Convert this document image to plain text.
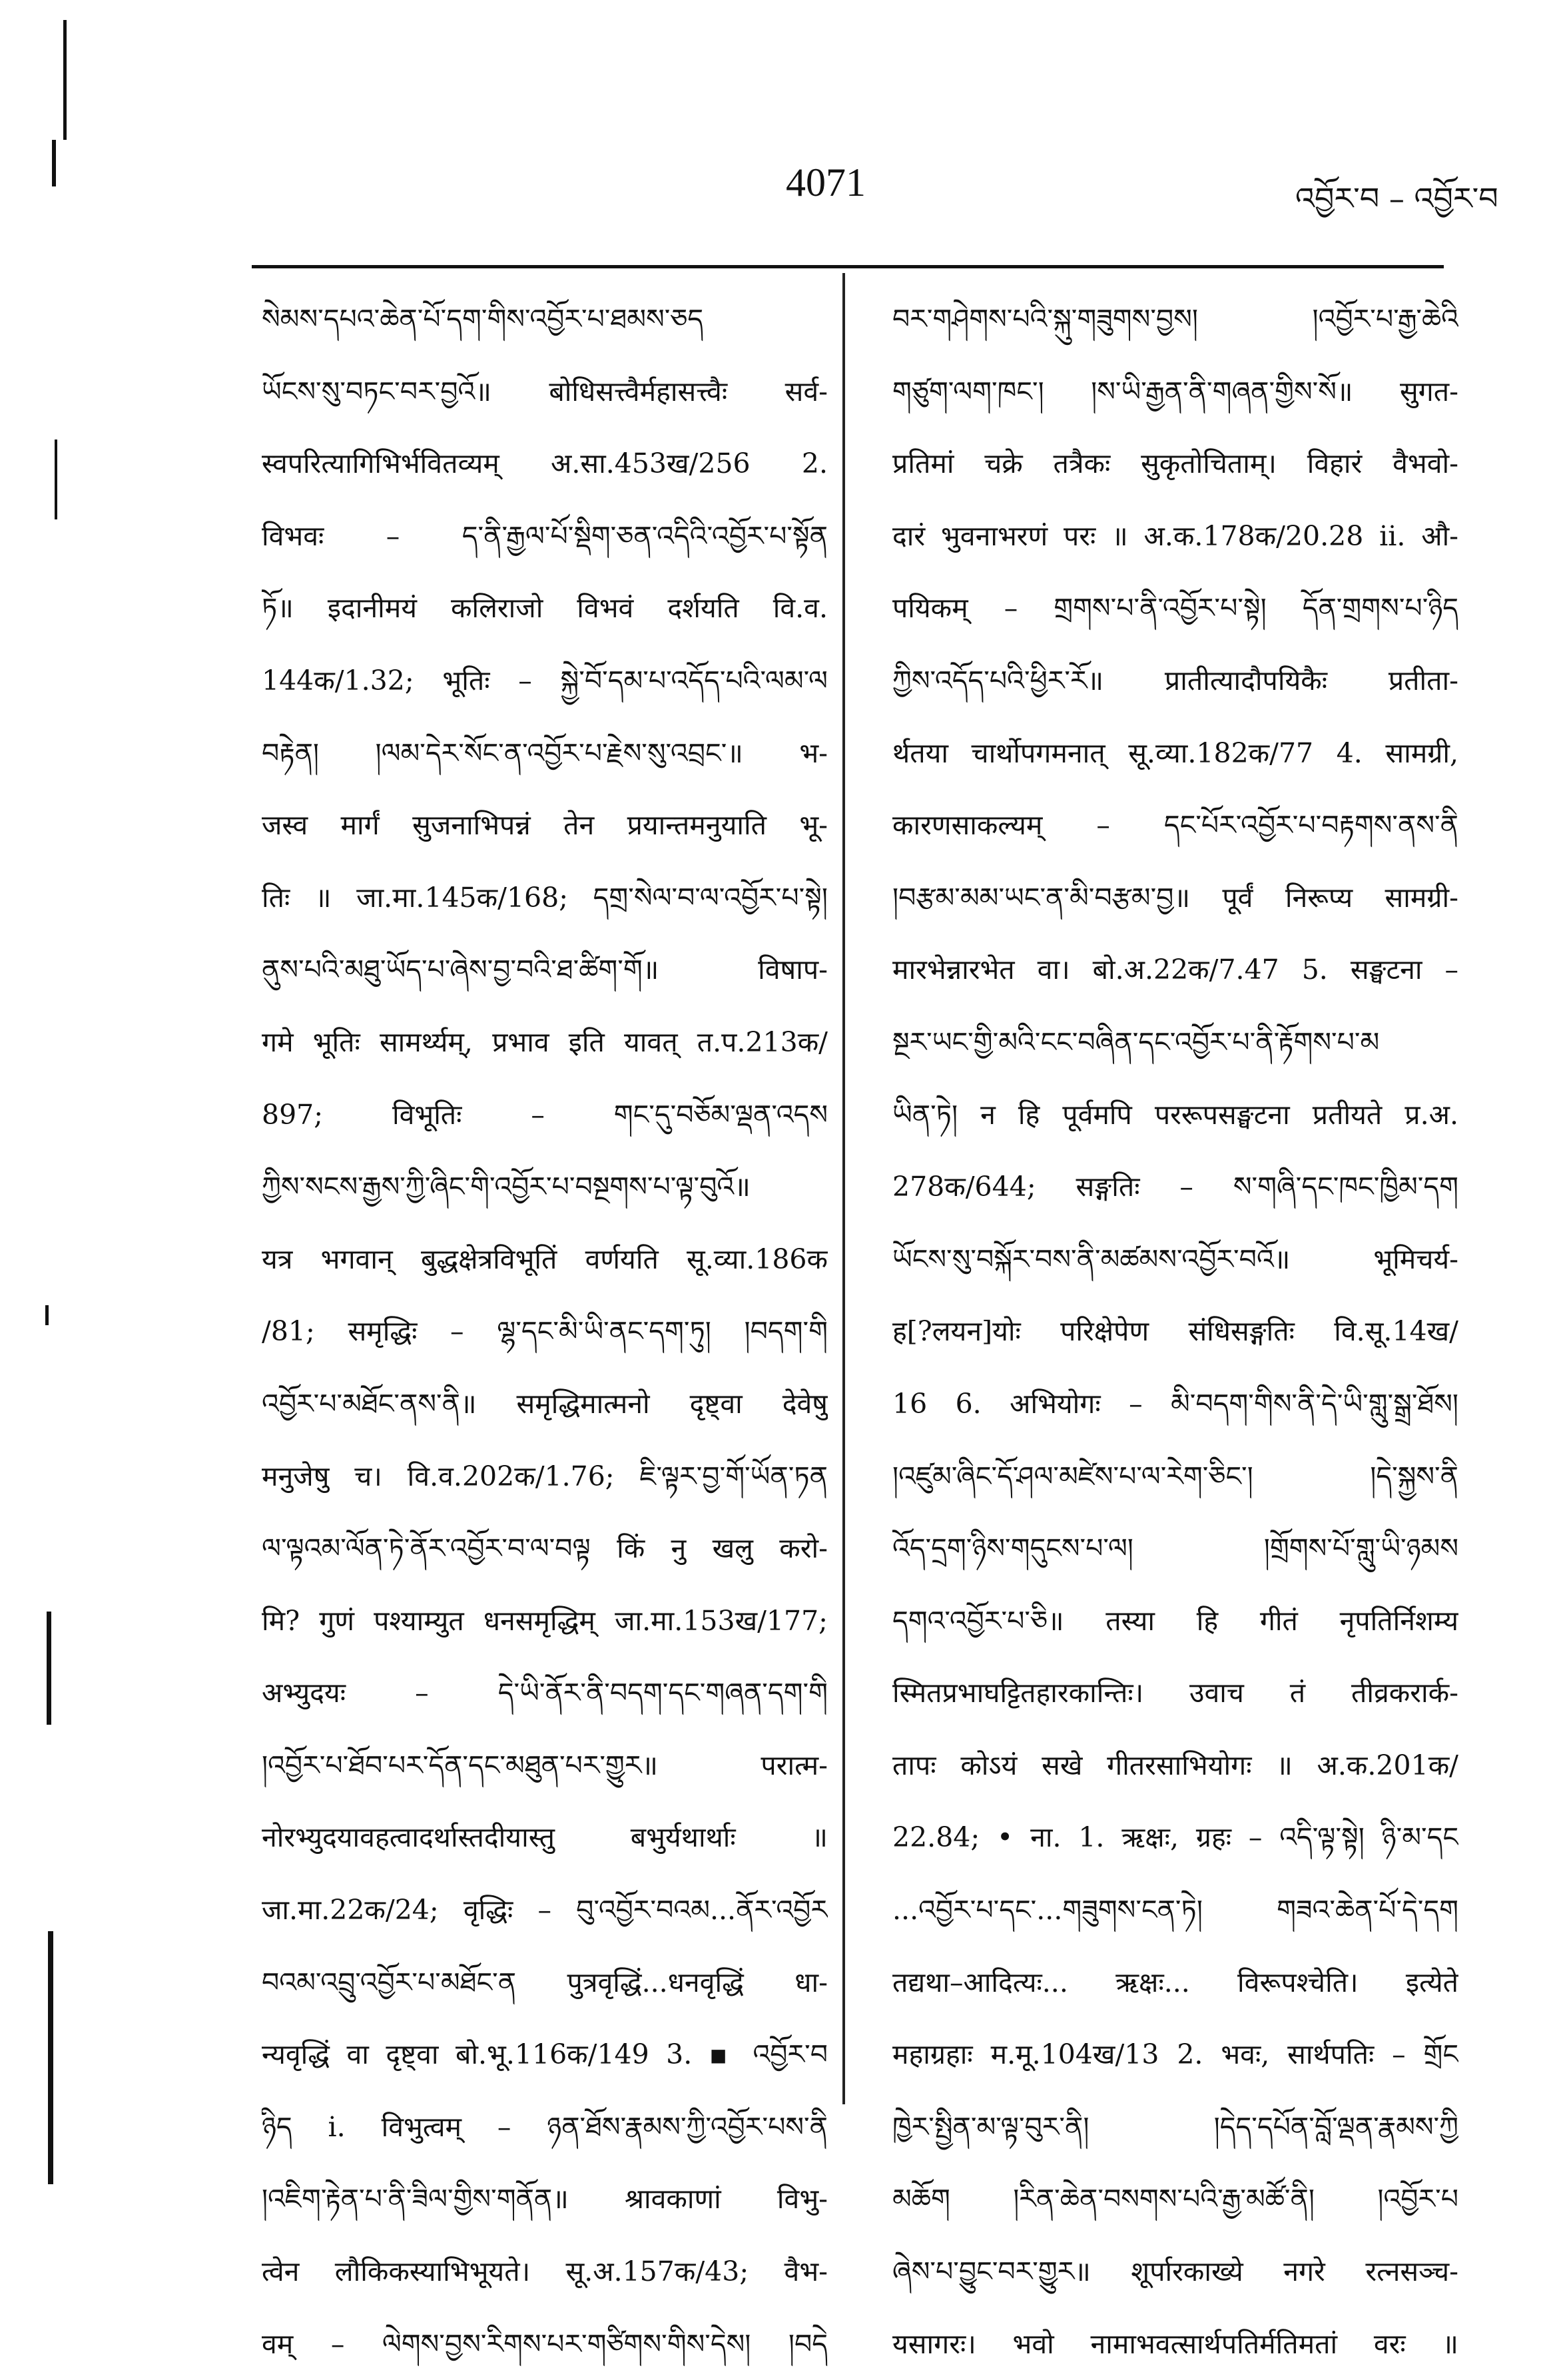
4071	འབྱོར་བ – འབྱོར་བ
སེམས་དཔའ་ཆེན་པོ་དག་གིས་འབྱོར་པ་ཐམས་ཅད
ཡོངས་སུ་བཏང་བར་བྱའོ॥ बोधिसत्त्वैर्महासत्त्वैः सर्व-
स्वपरित्यागिभिर्भवितव्यम् अ.सा.453ख/256 2.
विभवः – ད་ནི་རྒྱལ་པོ་སྡིག་ཅན་འདིའི་འབྱོར་པ་སྟོན
ཏོ॥ इदानीमयं कलिराजो विभवं दर्शयति वि.व.
144क/1.32; भूतिः – སྐྱེ་བོ་དམ་པ་འདོད་པའི་ལམ་ལ
བརྟེན། །ལམ་དེར་སོང་ན་འབྱོར་པ་རྗེས་སུ་འབྲང་॥ भ-
जस्व मार्गं सुजनाभिपन्नं तेन प्रयान्तमनुयाति भू-
तिः ॥ जा.मा.145क/168; དགྲ་སེལ་བ་ལ་འབྱོར་པ་སྟེ།
ནུས་པའི་མཐུ་ཡོད་པ་ཞེས་བྱ་བའི་ཐ་ཚིག་གོ॥ विषाप-
गमे भूतिः सामर्थ्यम्, प्रभाव इति यावत् त.प.213क/
897; विभूतिः – གང་དུ་བཅོམ་ལྡན་འདས
ཀྱིས་སངས་རྒྱས་ཀྱི་ཞིང་གི་འབྱོར་པ་བསྔགས་པ་ལྟ་བུའོ॥
यत्र भगवान् बुद्धक्षेत्रविभूतिं वर्णयति सू.व्या.186क
/81; समृद्धिः – ལྷ་དང་མི་ཡི་ནང་དག་ཏུ། །བདག་གི
འབྱོར་པ་མཐོང་ནས་ནི॥ समृद्धिमात्मनो दृष्ट्वा देवेषु
मनुजेषु च। वि.व.202क/1.76; ཇི་ལྟར་བྱ་གོ་ཡོན་ཏན
ལ་ལྟའམ་ལོན་ཏེ་ནོར་འབྱོར་བ་ལ་བལྟ किं नु खलु करो-
मि? गुणं पश्याम्युत धनसमृद्धिम् जा.मा.153ख/177;
अभ्युदयः – དེ་ཡི་ནོར་ནི་བདག་དང་གཞན་དག་གི
།འབྱོར་པ་ཐོབ་པར་དོན་དང་མཐུན་པར་གྱུར॥ परात्म-
नोरभ्युदयावहत्वादर्थास्तदीयास्तु बभुर्यथार्थाः ॥
जा.मा.22क/24; वृद्धिः – བུ་འབྱོར་བའམ...ནོར་འབྱོར
བའམ་འབྲུ་འབྱོར་པ་མཐོང་ན पुत्रवृद्धिं...धनवृद्धिं धा-
न्यवृद्धिं वा दृष्ट्वा बो.भू.116क/149 3. ▪ འབྱོར་བ
ཉིད i. विभुत्वम् – ཉན་ཐོས་རྣམས་ཀྱི་འབྱོར་པས་ནི
།འཇིག་རྟེན་པ་ནི་ཟིལ་གྱིས་གནོན॥ श्रावकाणां विभु-
त्वेन लौकिकस्याभिभूयते। सू.अ.157क/43; वैभ-
वम् – ལེགས་བྱས་རིགས་པར་གཙིགས་གིས་དེས། །བདེ
བར་གཤེགས་པའི་སྐུ་གཟུགས་བྱས། །འབྱོར་པ་རྒྱ་ཆེའི
གཙུག་ལག་ཁང་། །ས་ཡི་རྒྱན་ནི་གཞན་གྱིས་སོ॥ सुगत-
प्रतिमां चक्रे तत्रैकः सुकृतोचिताम्। विहारं वैभवो-
दारं भुवनाभरणं परः ॥ अ.क.178क/20.28 ii. औ-
पयिकम् – གྲགས་པ་ནི་འབྱོར་པ་སྟེ། དོན་གྲགས་པ་ཉིད
ཀྱིས་འདོད་པའི་ཕྱིར་རོ॥ प्रातीत्यादौपयिकैः प्रतीता-
र्थतया चार्थोपगमनात् सू.व्या.182क/77 4. सामग्री,
कारणसाकल्यम् – དང་པོར་འབྱོར་པ་བརྟགས་ནས་ནི
།བརྩམ་མམ་ཡང་ན་མི་བརྩམ་བྱ॥ पूर्वं निरूप्य सामग्री-
मारभेन्नारभेत वा। बो.अ.22क/7.47 5. सङ्घटना –
སྔར་ཡང་གྱི་མའི་ངང་བཞིན་དང་འབྱོར་པ་ནི་རྟོགས་པ་མ
ཡིན་ཏེ། न हि पूर्वमपि पररूपसङ्घटना प्रतीयते प्र.अ.
278क/644; सङ्गतिः – ས་གཞི་དང་ཁང་ཁྱིམ་དག
ཡོངས་སུ་བསྐོར་བས་ནི་མཚམས་འབྱོར་བའོ॥ भूमिचर्य-
ह[?लयन]योः परिक्षेपेण संधिसङ्गतिः वि.सू.14ख/
16 6. अभियोगः – མི་བདག་གིས་ནི་དེ་ཡི་གླུ་སྒྲ་ཐོས།
།འཛུམ་ཞིང་དོ་ཤལ་མཛེས་པ་ལ་རེག་ཅིང་། །དེ་སྐྱས་ནི
འོད་དྲག་ཉིས་གདུངས་པ་ལ། །གྲོགས་པོ་གླུ་ཡི་ཉམས
དགའ་འབྱོར་པ་ཅི॥ तस्या हि गीतं नृपतिर्निशम्य
स्मितप्रभाघट्टितहारकान्तिः। उवाच तं तीव्रकरार्क-
तापः कोऽयं सखे गीतरसाभियोगः ॥ अ.क.201क/
22.84; • ना. 1. ऋक्षः, ग्रहः – འདི་ལྟ་སྟེ། ཉི་མ་དང
...འབྱོར་པ་དང་...གཟུགས་ངན་ཏེ། གཟའ་ཆེན་པོ་དེ་དག
तद्यथा–आदित्यः... ऋक्षः... विरूपश्चेति। इत्येते
महाग्रहाः म.मू.104ख/13 2. भवः, सार्थपतिः – གྲོང
ཁྱེར་སྤྱིན་མ་ལྟ་བུར་ནི། །དེད་དཔོན་བློ་ལྡན་རྣམས་ཀྱི
མཆོག །རིན་ཆེན་བསགས་པའི་རྒྱ་མཚོ་ནི། །འབྱོར་པ
ཞེས་པ་བྱུང་བར་གྱུར॥ शूर्पारकाख्ये नगरे रत्नसञ्च-
यसागरः। भवो नामाभवत्सार्थपतिर्मतिमतां वरः ॥
